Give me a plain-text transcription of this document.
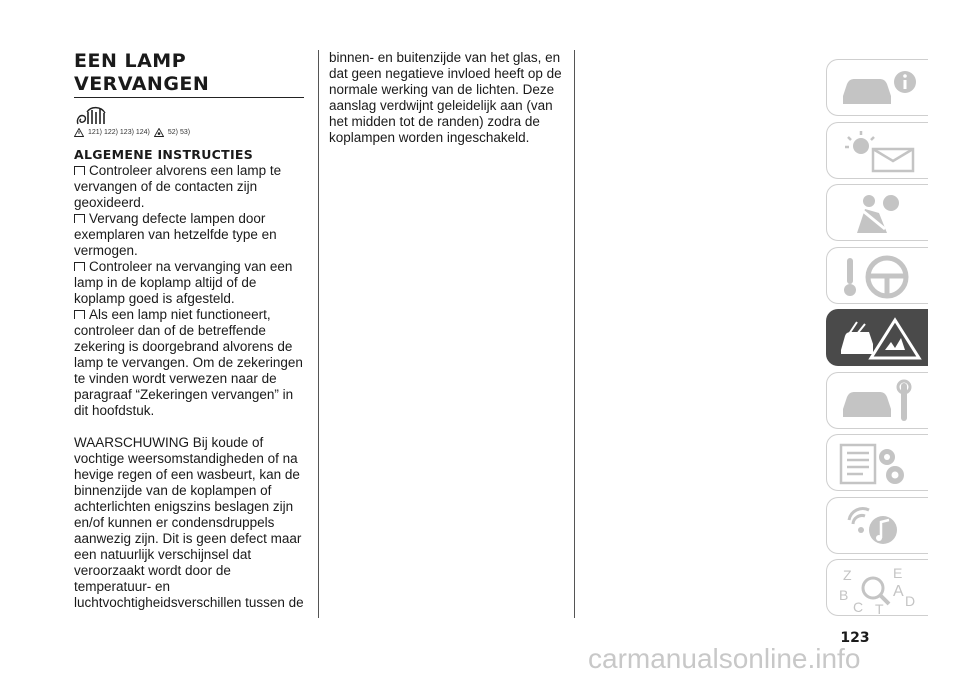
EEN LAMP
VERVANGEN
121) 122) 123) 124)	52) 53)
ALGEMENE INSTRUCTIES

Controleer alvorens een lamp te vervangen of de contacten zijn geoxideerd.

Vervang defecte lampen door exemplaren van hetzelfde type en vermogen.

Controleer na vervanging van een lamp in de koplamp altijd of de koplamp goed is afgesteld.

Als een lamp niet functioneert, controleer dan of de betreffende zekering is doorgebrand alvorens de lamp te vervangen. Om de zekeringen te vinden wordt verwezen naar de paragraaf “Zekeringen vervangen” in dit hoofdstuk.

WAARSCHUWING Bij koude of vochtige weersomstandigheden of na hevige regen of een wasbeurt, kan de binnenzijde van de koplampen of achterlichten enigszins beslagen zijn en/of kunnen er condensdruppels aanwezig zijn. Dit is geen defect maar een natuurlijk verschijnsel dat veroorzaakt wordt door de temperatuur- en luchtvochtigheidsverschillen tussen de

binnen- en buitenzijde van het glas, en dat geen negatieve invloed heeft op de normale werking van de lichten. Deze aanslag verdwijnt geleidelijk aan (van het midden tot de randen) zodra de koplampen worden ingeschakeld.

Z	E
B	A
C	D
T
123
carmanualsonline.info
